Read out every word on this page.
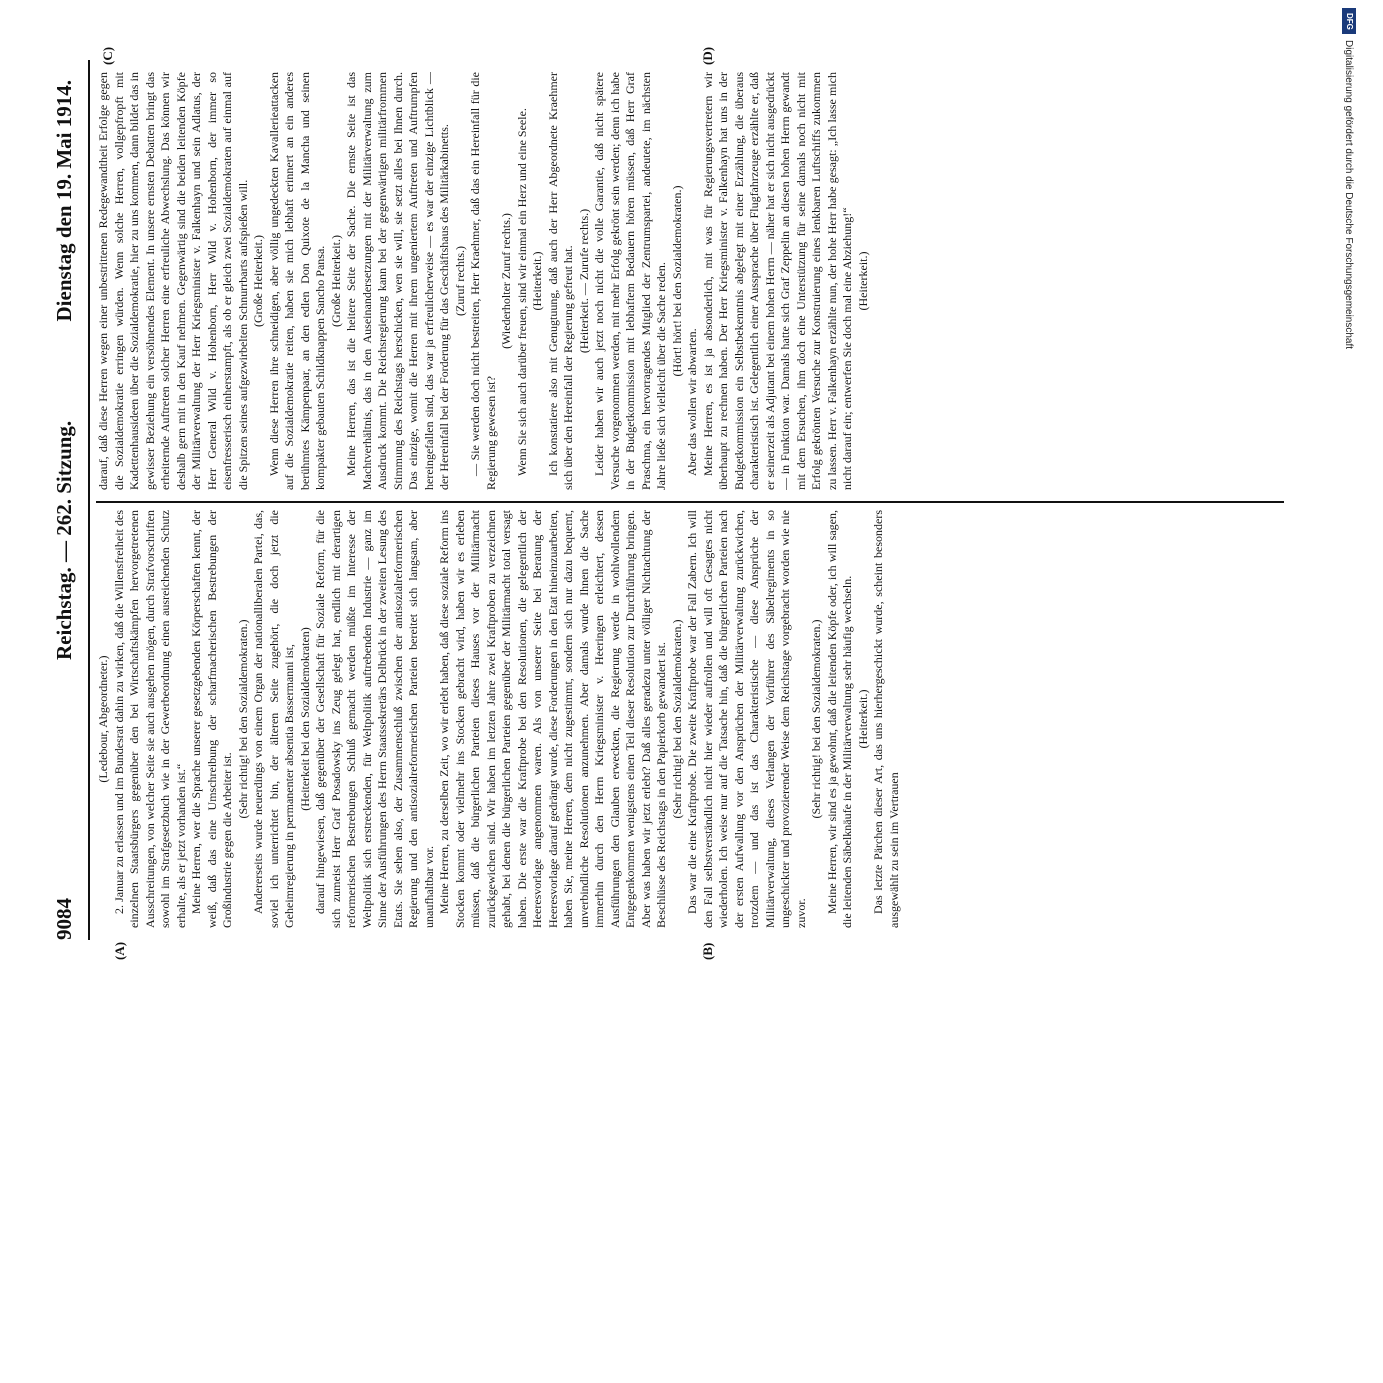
9084
Reichstag. — 262. Sitzung.
Dienstag den 19. Mai 1914.
(A)	(B)
(C)	(D)

(Ledebour, Abgeordneter.) 2. Januar zu erlassen und im Bundesrat dahin zu wirken, daß die Willensfreiheit des einzelnen Staatsbürgers gegenüber den bei Wirtschaftskämpfen hervorgetretenen Ausschreitungen, von welcher Seite sie auch ausgehen mögen, durch Strafvorschriften sowohl im Strafgesetzbuch wie in der Gewerbeordnung einen ausreichenden Schutz erhalte, als er jetzt vorhanden ist.“ Meine Herren, wer die Sprache unserer gesetzgebenden Körperschaften kennt, der weiß, daß das eine Umschreibung der scharfmacherischen Bestrebungen der Großindustrie gegen die Arbeiter ist.

(Sehr richtig! bei den Sozialdemokraten.) Andererseits wurde neuerdings von einem Organ der nationalliberalen Partei, das, soviel ich unterrichtet bin, der älteren Seite zugehört, die doch jetzt die Geheimregierung in permanenter absentia Bassermanni ist, (Heiterkeit bei den Sozialdemokraten) darauf hingewiesen, daß gegenüber der Gesellschaft für Soziale Reform, für die sich zumeist Herr Graf Posadowsky ins Zeug gelegt hat, endlich mit derartigen reformerischen Bestrebungen Schluß gemacht werden müßte im Interesse der Weltpolitik sich erstreckenden, für Weltpolitik auftrebenden Industrie — ganz im Sinne der Ausführungen des Herrn Staatssekretärs Delbrück in der zweiten Lesung des Etats. Sie sehen also, der Zusammenschluß zwischen der antisozialreformerischen Regierung und den antisozialreformerischen Parteien bereitet sich langsam, aber unaufhaltbar vor. Meine Herren, zu derselben Zeit, wo wir erlebt haben, daß diese soziale Reform ins Stocken kommt oder vielmehr ins Stocken gebracht wird, haben wir es erleben müssen, daß die bürgerlichen Parteien dieses Hauses vor der Militärmacht zurückgewichen sind. Wir haben im letzten Jahre zwei Kraftproben zu verzeichnen gehabt, bei denen die bürgerlichen Parteien gegenüber der Militärmacht total versagt haben. Die erste war die Kraftprobe bei den Resolutionen, die gelegentlich der Heeresvorlage angenommen waren. Als von unserer Seite bei Beratung der Heeresvorlage darauf gedrängt wurde, diese Forderungen in den Etat hineinzuarbeiten, haben Sie, meine Herren, dem nicht zugestimmt, sondern sich nur dazu bequemt, unverbindliche Resolutionen anzunehmen. Aber damals wurde Ihnen die Sache immerhin durch den Herrn Kriegsminister v. Heeringen erleichtert, dessen Ausführungen den Glauben erweckten, die Regierung werde in wohlwollendem Entgegenkommen wenigstens einen Teil dieser Resolution zur Durchführung bringen. Aber was haben wir jetzt erlebt? Daß alles geradezu unter völliger Nichtachtung der Beschlüsse des Reichstags in den Papierkorb gewandert ist. (Sehr richtig! bei den Sozialdemokraten.) Das war die eine Kraftprobe. Die zweite Kraftprobe war der Fall Zabern. Ich will den Fall selbstverständlich nicht hier wieder aufrollen und will oft Gesagtes nicht wiederholen. Ich weise nur auf die Tatsache hin, daß die bürgerlichen Parteien nach der ersten Aufwallung vor den Ansprüchen der Militärverwaltung zurückwichen, trotzdem — und das ist das Charakteristische — diese Ansprüche der Militärverwaltung, dieses Verlangen der Vorführer des Säbelregiments in so ungeschickter und provozierender Weise dem Reichstage vorgebracht worden wie nie zuvor.

(Sehr richtig! bei den Sozialdemokraten.) Meine Herren, wir sind es ja gewohnt, daß die leitenden Köpfe oder, ich will sagen, die leitenden Säbelknäufe in der Militärverwaltung sehr häufig wechseln. (Heiterkeit.) Das letzte Pärchen dieser Art, das uns hierhergeschickt wurde, scheint besonders ausgewählt zu sein im Vertrauen

darauf, daß diese Herren wegen einer unbestrittenen Redegewandtheit Erfolge gegen die Sozialdemokratie erringen würden. Wenn solche Herren, vollgepfropft mit Kadettenhausideen über die Sozialdemokratie, hier zu uns kommen, dann bildet das in gewisser Beziehung ein versöhnendes Element. In unsere ernsten Debatten bringt das erheiternde Auftreten solcher Herren eine erfreuliche Abwechslung. Das können wir deshalb gern mit in den Kauf nehmen. Gegenwärtig sind die beiden leitenden Köpfe der Militärverwaltung der Herr Kriegsminister v. Falkenhayn und sein Adlatus, der Herr General Wild v. Hohenborn, Herr Wild v. Hohenborn, der immer so eisenfresserisch einherstampft, als ob er gleich zwei Sozialdemokraten auf einmal auf die Spitzen seines aufgezwirbelten Schnurrbarts aufspießen will. (Große Heiterkeit.) Wenn diese Herren ihre schneidigen, aber völlig ungedeckten Kavallerieattacken auf die Sozialdemokratie reiten, haben sie mich lebhaft erinnert an ein anderes berühmtes Kämpenpaar, an den edlen Don Quixote de la Mancha und seinen kompakter gebauten Schildknappen Sancho Pansa. (Große Heiterkeit.) Meine Herren, das ist die heitere Seite der Sache. Die ernste Seite ist das Machtverhältnis, das in den Auseinandersetzungen mit der Militärverwaltung zum Ausdruck kommt. Die Reichsregierung kann bei der gegenwärtigen militärfrommen Stimmung des Reichstags herschicken, wen sie will, sie setzt alles bei Ihnen durch. Das einzige, womit die Herren mit ihrem ungeniertem Auftreten und Auftrumpfen hereingefallen sind, das war ja erfreulicherweise — es war der einzige Lichtblick — der Hereinfall bei der Forderung für das Geschäftshaus des Militärkabinetts. (Zuruf rechts.) — Sie werden doch nicht bestreiten, Herr Kraehmer, daß das ein Hereinfall für die Regierung gewesen ist?

(Wiederholter Zuruf rechts.) Wenn Sie sich auch darüber freuen, sind wir einmal ein Herz und eine Seele. (Heiterkeit.) Ich konstatiere also mit Genugtuung, daß auch der Herr Abgeordnete Kraehmer sich über den Hereinfall der Regierung gefreut hat. (Heiterkeit. — Zurufe rechts.) Leider haben wir auch jetzt noch nicht die volle Garantie, daß nicht spätere Versuche vorgenommen werden, mit mehr Erfolg gekrönt sein werden; denn ich habe in der Budgetkommission mit lebhaftem Bedauern hören müssen, daß Herr Graf Praschma, ein hervorragendes Mitglied der Zentrumspartei, andeutete, im nächsten Jahre ließe sich vielleicht über die Sache reden. (Hört! hört! bei den Sozialdemokraten.)

Aber das wollen wir abwarten. Meine Herren, es ist ja absonderlich, mit was für Regierungsvertretern wir überhaupt zu rechnen haben. Der Herr Kriegsminister v. Falkenhayn hat uns in der Budgetkommission ein Selbstbekenntnis abgelegt mit einer Erzählung, die überaus charakteristisch ist. Gelegentlich einer Aussprache über Flugfahrzeuge erzählte er, daß er seinerzeit als Adjutant bei einem hohen Herrn — näher hat er sich nicht ausgedrückt — in Funktion war. Damals hatte sich Graf Zeppelin an diesen hohen Herrn gewandt mit dem Ersuchen, ihm doch eine Unterstützung für seine damals noch nicht mit Erfolg gekrönten Versuche zur Konstruierung eines lenkbaren Luftschiffs zukommen zu lassen. Herr v. Falkenhayn erzählte nun, der hohe Herr habe gesagt: „Ich lasse mich nicht darauf ein; entwerfen Sie doch mal eine Abziehung!“ (Heiterkeit.)

DFG
Digitalisierung gefördert durch die Deutsche Forschungsgemeinschaft
